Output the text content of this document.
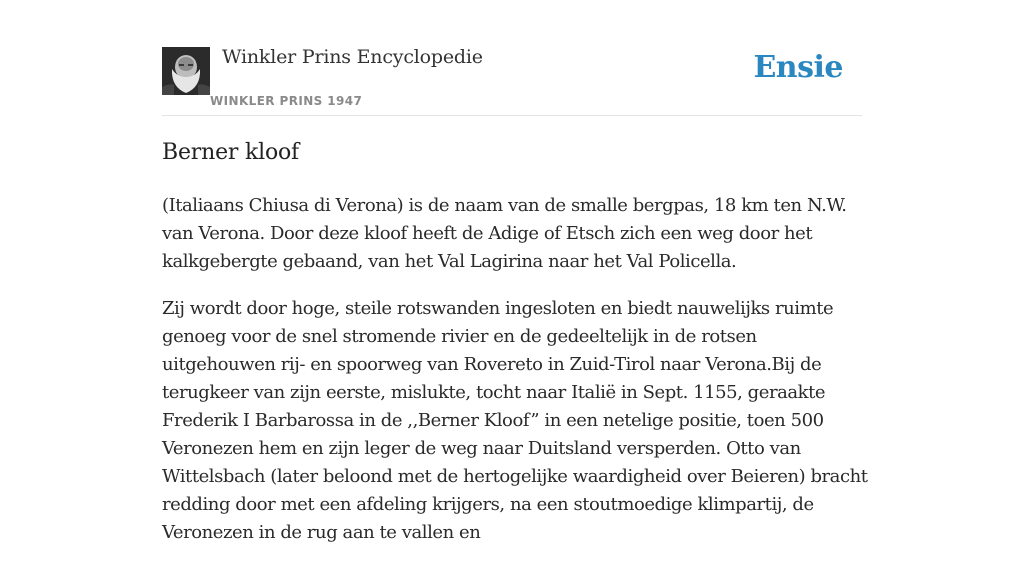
Winkler Prins Encyclopedie
WINKLER PRINS 1947
Ensie
Berner kloof

(Italiaans Chiusa di Verona) is de naam van de smalle bergpas, 18 km ten N.W. van Verona. Door deze kloof heeft de Adige of Etsch zich een weg door het kalkgebergte gebaand, van het Val Lagirina naar het Val Policella.

Zij wordt door hoge, steile rotswanden ingesloten en biedt nauwelijks ruimte genoeg voor de snel stromende rivier en de gedeeltelijk in de rotsen uitgehouwen rij- en spoorweg van Rovereto in Zuid-Tirol naar Verona.Bij de terugkeer van zijn eerste, mislukte, tocht naar Italië in Sept. 1155, geraakte Frederik I Barbarossa in de ,,Berner Kloof” in een netelige positie, toen 500 Veronezen hem en zijn leger de weg naar Duitsland versperden. Otto van Wittelsbach (later beloond met de hertogelijke waardigheid over Beieren) bracht redding door met een afdeling krijgers, na een stoutmoedige klimpartij, de Veronezen in de rug aan te vallen en
